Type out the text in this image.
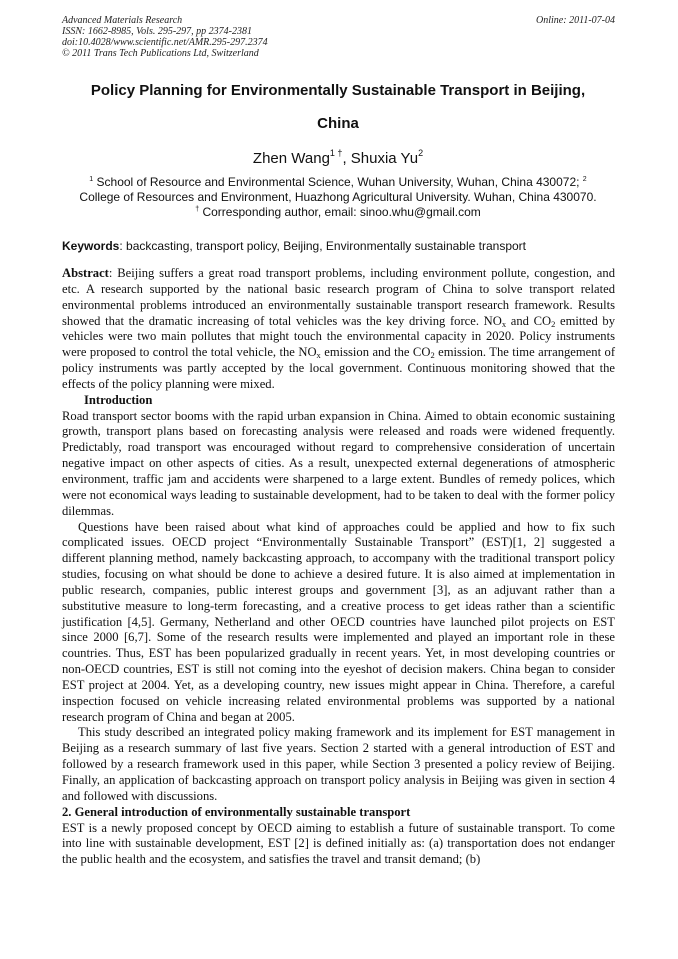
Advanced Materials Research
ISSN: 1662-8985, Vols. 295-297, pp 2374-2381
doi:10.4028/www.scientific.net/AMR.295-297.2374
© 2011 Trans Tech Publications Ltd, Switzerland
Online: 2011-07-04
Policy Planning for Environmentally Sustainable Transport in Beijing,
China
Zhen Wang$^{1 \dagger}$, Shuxia Yu$^2$
$^1$ School of Resource and Environmental Science, Wuhan University, Wuhan, China 430072; $^2$
College of Resources and Environment, Huazhong Agricultural University. Wuhan, China 430070.
† Corresponding author, email: sinoo.whu@gmail.com
Keywords: backcasting, transport policy, Beijing, Environmentally sustainable transport

Abstract: Beijing suffers a great road transport problems, including environment pollute, congestion, and etc. A research supported by the national basic research program of China to solve transport related environmental problems introduced an environmentally sustainable transport research framework. Results showed that the dramatic increasing of total vehicles was the key driving force. $NO_x$ and $CO_2$ emitted by vehicles were two main pollutes that might touch the environmental capacity in 2020. Policy instruments were proposed to control the total vehicle, the $NO_x$ emission and the $CO_2$ emission. The time arrangement of policy instruments was partly accepted by the local government. Continuous monitoring showed that the effects of the policy planning were mixed.

Introduction

Road transport sector booms with the rapid urban expansion in China. Aimed to obtain economic sustaining growth, transport plans based on forecasting analysis were released and roads were widened frequently. Predictably, road transport was encouraged without regard to comprehensive consideration of uncertain negative impact on other aspects of cities. As a result, unexpected external degenerations of atmospheric environment, traffic jam and accidents were sharpened to a large extent. Bundles of remedy polices, which were not economical ways leading to sustainable development, had to be taken to deal with the former policy dilemmas.

Questions have been raised about what kind of approaches could be applied and how to fix such complicated issues. OECD project “Environmentally Sustainable Transport” (EST)[1, 2] suggested a different planning method, namely backcasting approach, to accompany with the traditional transport policy studies, focusing on what should be done to achieve a desired future. It is also aimed at implementation in public research, companies, public interest groups and government [3], as an adjuvant rather than a substitutive measure to long-term forecasting, and a creative process to get ideas rather than a scientific justification [4,5]. Germany, Netherland and other OECD countries have launched pilot projects on EST since 2000 [6,7]. Some of the research results were implemented and played an important role in these countries. Thus, EST has been popularized gradually in recent years. Yet, in most developing countries or non-OECD countries, EST is still not coming into the eyeshot of decision makers. China began to consider EST project at 2004. Yet, as a developing country, new issues might appear in China. Therefore, a careful inspection focused on vehicle increasing related environmental problems was supported by a national research program of China and began at 2005.

This study described an integrated policy making framework and its implement for EST management in Beijing as a research summary of last five years. Section 2 started with a general introduction of EST and followed by a research framework used in this paper, while Section 3 presented a policy review of Beijing. Finally, an application of backcasting approach on transport policy analysis in Beijing was given in section 4 and followed with discussions.

2. General introduction of environmentally sustainable transport

EST is a newly proposed concept by OECD aiming to establish a future of sustainable transport. To come into line with sustainable development, EST [2] is defined initially as: (a) transportation does not endanger the public health and the ecosystem, and satisfies the travel and transit demand; (b)
